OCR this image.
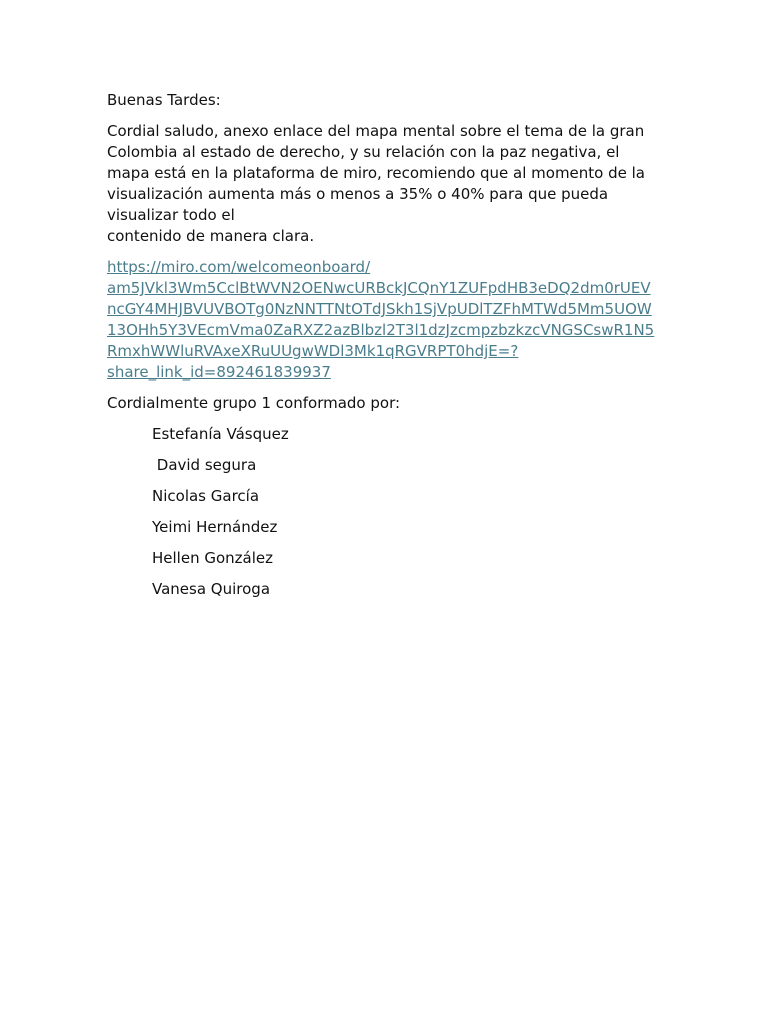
Buenas Tardes:

Cordial saludo, anexo enlace del mapa mental sobre el tema de la gran
Colombia al estado de derecho, y su relación con la paz negativa, el
mapa está en la plataforma de miro, recomiendo que al momento de la
visualización aumenta más o menos a 35% o 40% para que pueda
visualizar todo el
contenido de manera clara.

https://miro.com/welcomeonboard/
am5JVkl3Wm5CclBtWVN2OENwcURBckJCQnY1ZUFpdHB3eDQ2dm0rUEV
ncGY4MHJBVUVBOTg0NzNNTTNtOTdJSkh1SjVpUDlTZFhMTWd5Mm5UOW
13OHh5Y3VEcmVma0ZaRXZ2azBlbzl2T3l1dzJzcmpzbzkzcVNGSCswR1N5
RmxhWWluRVAxeXRuUUgwWDl3Mk1qRGVRPT0hdjE=?
share_link_id=892461839937

Cordialmente grupo 1 conformado por:

Estefanía Vásquez
David segura
Nicolas García
Yeimi Hernández
Hellen González
Vanesa Quiroga
